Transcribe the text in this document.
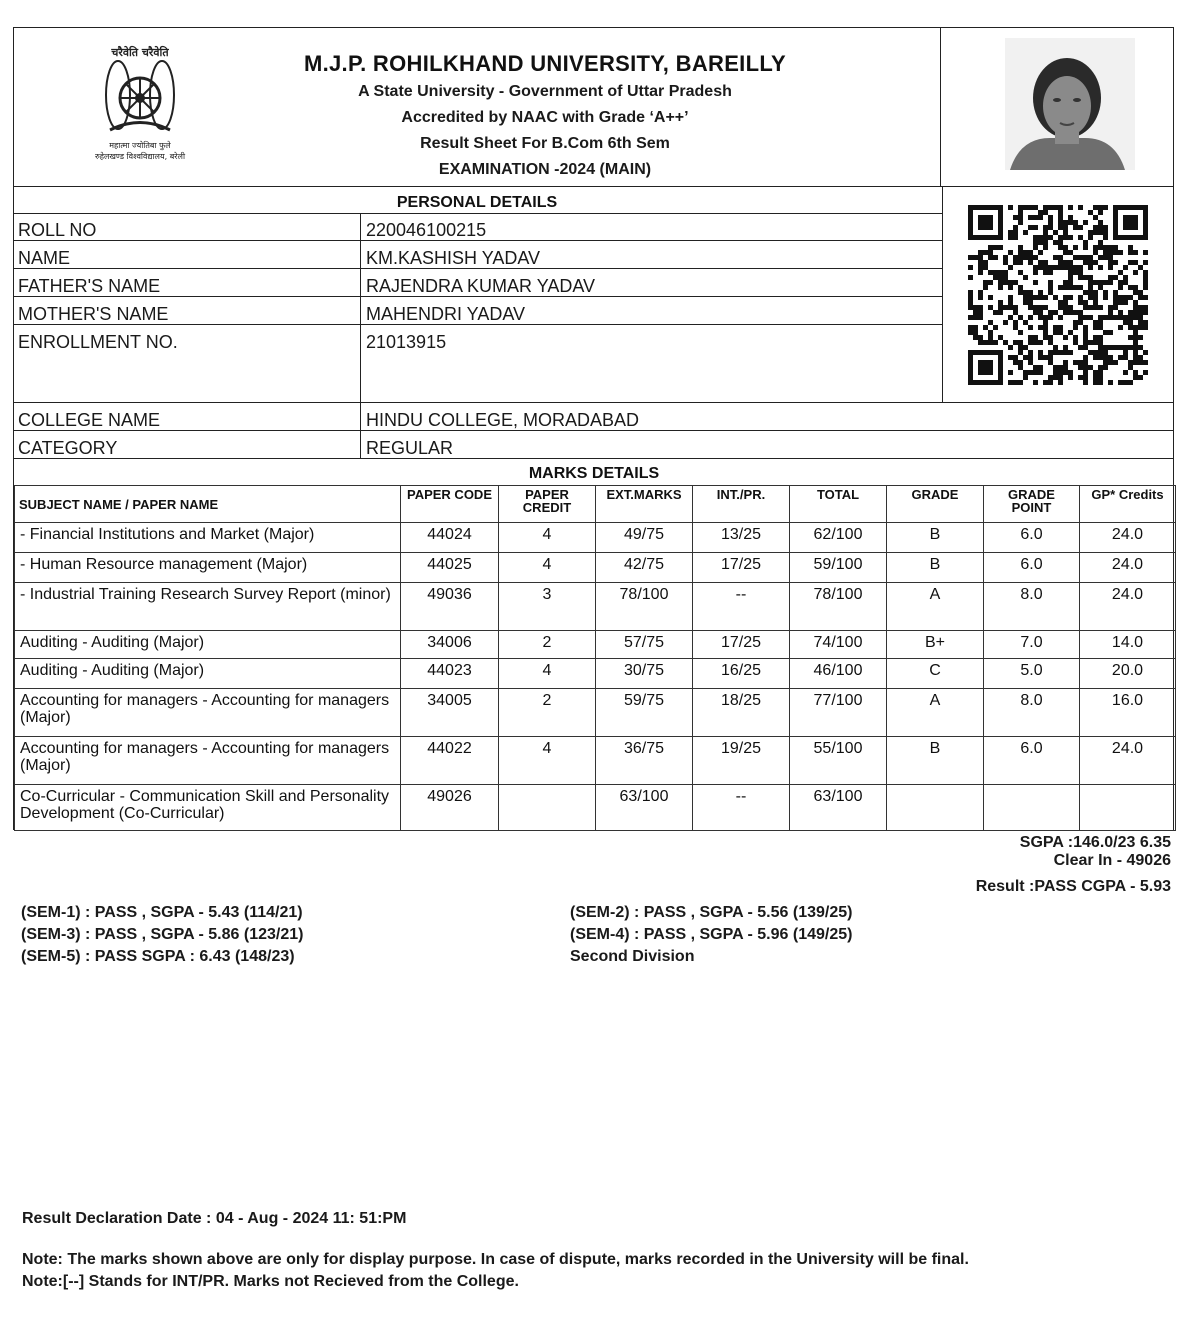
चरैवेति चरैवेति
महात्मा ज्योतिबा फुले
रुहेलखण्ड विश्वविद्यालय, बरेली
M.J.P. ROHILKHAND UNIVERSITY, BAREILLY
A State University - Government of Uttar Pradesh
Accredited by NAAC with Grade ‘A++’
Result Sheet For B.Com 6th Sem
EXAMINATION -2024 (MAIN)
PERSONAL DETAILS
ROLL NO	220046100215
NAME	KM.KASHISH YADAV
FATHER'S NAME	RAJENDRA KUMAR YADAV
MOTHER'S NAME	MAHENDRI YADAV
ENROLLMENT NO.	21013915
COLLEGE NAME	HINDU COLLEGE, MORADABAD
CATEGORY	REGULAR
MARKS DETAILS
SUBJECT NAME / PAPER NAME	PAPER CODE	PAPER CREDIT	EXT.MARKS	INT./PR.	TOTAL	GRADE	GRADE POINT	GP* Credits
- Financial Institutions and Market (Major)	44024	4	49/75	13/25	62/100	B	6.0	24.0
- Human Resource management (Major)	44025	4	42/75	17/25	59/100	B	6.0	24.0
- Industrial Training Research Survey Report (minor)	49036	3	78/100	--	78/100	A	8.0	24.0
Auditing - Auditing (Major)	34006	2	57/75	17/25	74/100	B+	7.0	14.0
Auditing - Auditing (Major)	44023	4	30/75	16/25	46/100	C	5.0	20.0
Accounting for managers - Accounting for managers (Major)	34005	2	59/75	18/25	77/100	A	8.0	16.0
Accounting for managers - Accounting for managers (Major)	44022	4	36/75	19/25	55/100	B	6.0	24.0
Co-Curricular - Communication Skill and Personality Development (Co-Curricular)	49026		63/100	--	63/100			
SGPA :146.0/23 6.35
Clear In - 49026
Result :PASS CGPA - 5.93
(SEM-1) : PASS , SGPA - 5.43 (114/21)	(SEM-2) : PASS , SGPA - 5.56 (139/25)
(SEM-3) : PASS , SGPA - 5.86 (123/21)	(SEM-4) : PASS , SGPA - 5.96 (149/25)
(SEM-5) : PASS SGPA : 6.43 (148/23)	Second Division
Result Declaration Date : 04 - Aug - 2024 11: 51:PM
Note: The marks shown above are only for display purpose. In case of dispute, marks recorded in the University will be final.
Note:[--] Stands for INT/PR. Marks not Recieved from the College.
